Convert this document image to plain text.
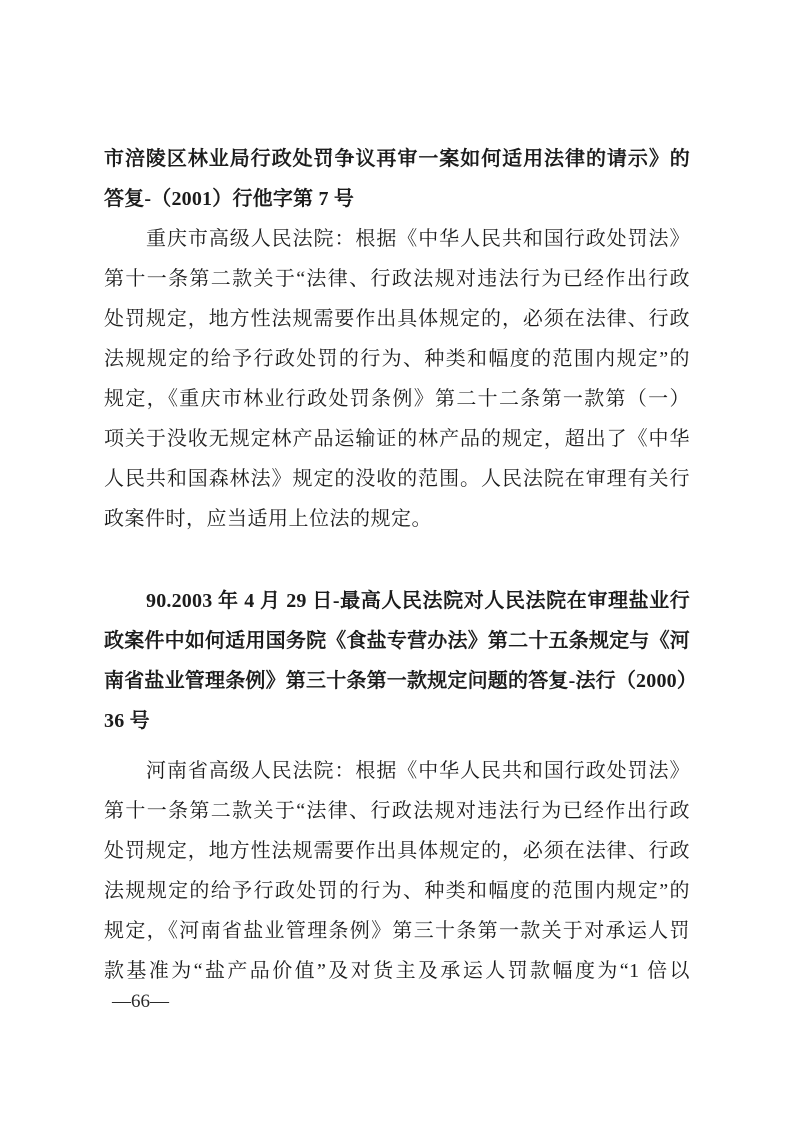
市涪陵区林业局行政处罚争议再审一案如何适用法律的请示》的
答复-（2001）行他字第 7 号
重庆市高级人民法院：根据《中华人民共和国行政处罚法》
第十一条第二款关于“法律、行政法规对违法行为已经作出行政
处罚规定，地方性法规需要作出具体规定的，必须在法律、行政
法规规定的给予行政处罚的行为、种类和幅度的范围内规定”的
规定，《重庆市林业行政处罚条例》第二十二条第一款第（一）
项关于没收无规定林产品运输证的林产品的规定，超出了《中华
人民共和国森林法》规定的没收的范围。人民法院在审理有关行
政案件时，应当适用上位法的规定。
90.2003 年 4 月 29 日-最高人民法院对人民法院在审理盐业行
政案件中如何适用国务院《食盐专营办法》第二十五条规定与《河
南省盐业管理条例》第三十条第一款规定问题的答复-法行（2000）
36 号
河南省高级人民法院：根据《中华人民共和国行政处罚法》
第十一条第二款关于“法律、行政法规对违法行为已经作出行政
处罚规定，地方性法规需要作出具体规定的，必须在法律、行政
法规规定的给予行政处罚的行为、种类和幅度的范围内规定”的
规定，《河南省盐业管理条例》第三十条第一款关于对承运人罚
款基准为“盐产品价值”及对货主及承运人罚款幅度为“1 倍以
—66—
